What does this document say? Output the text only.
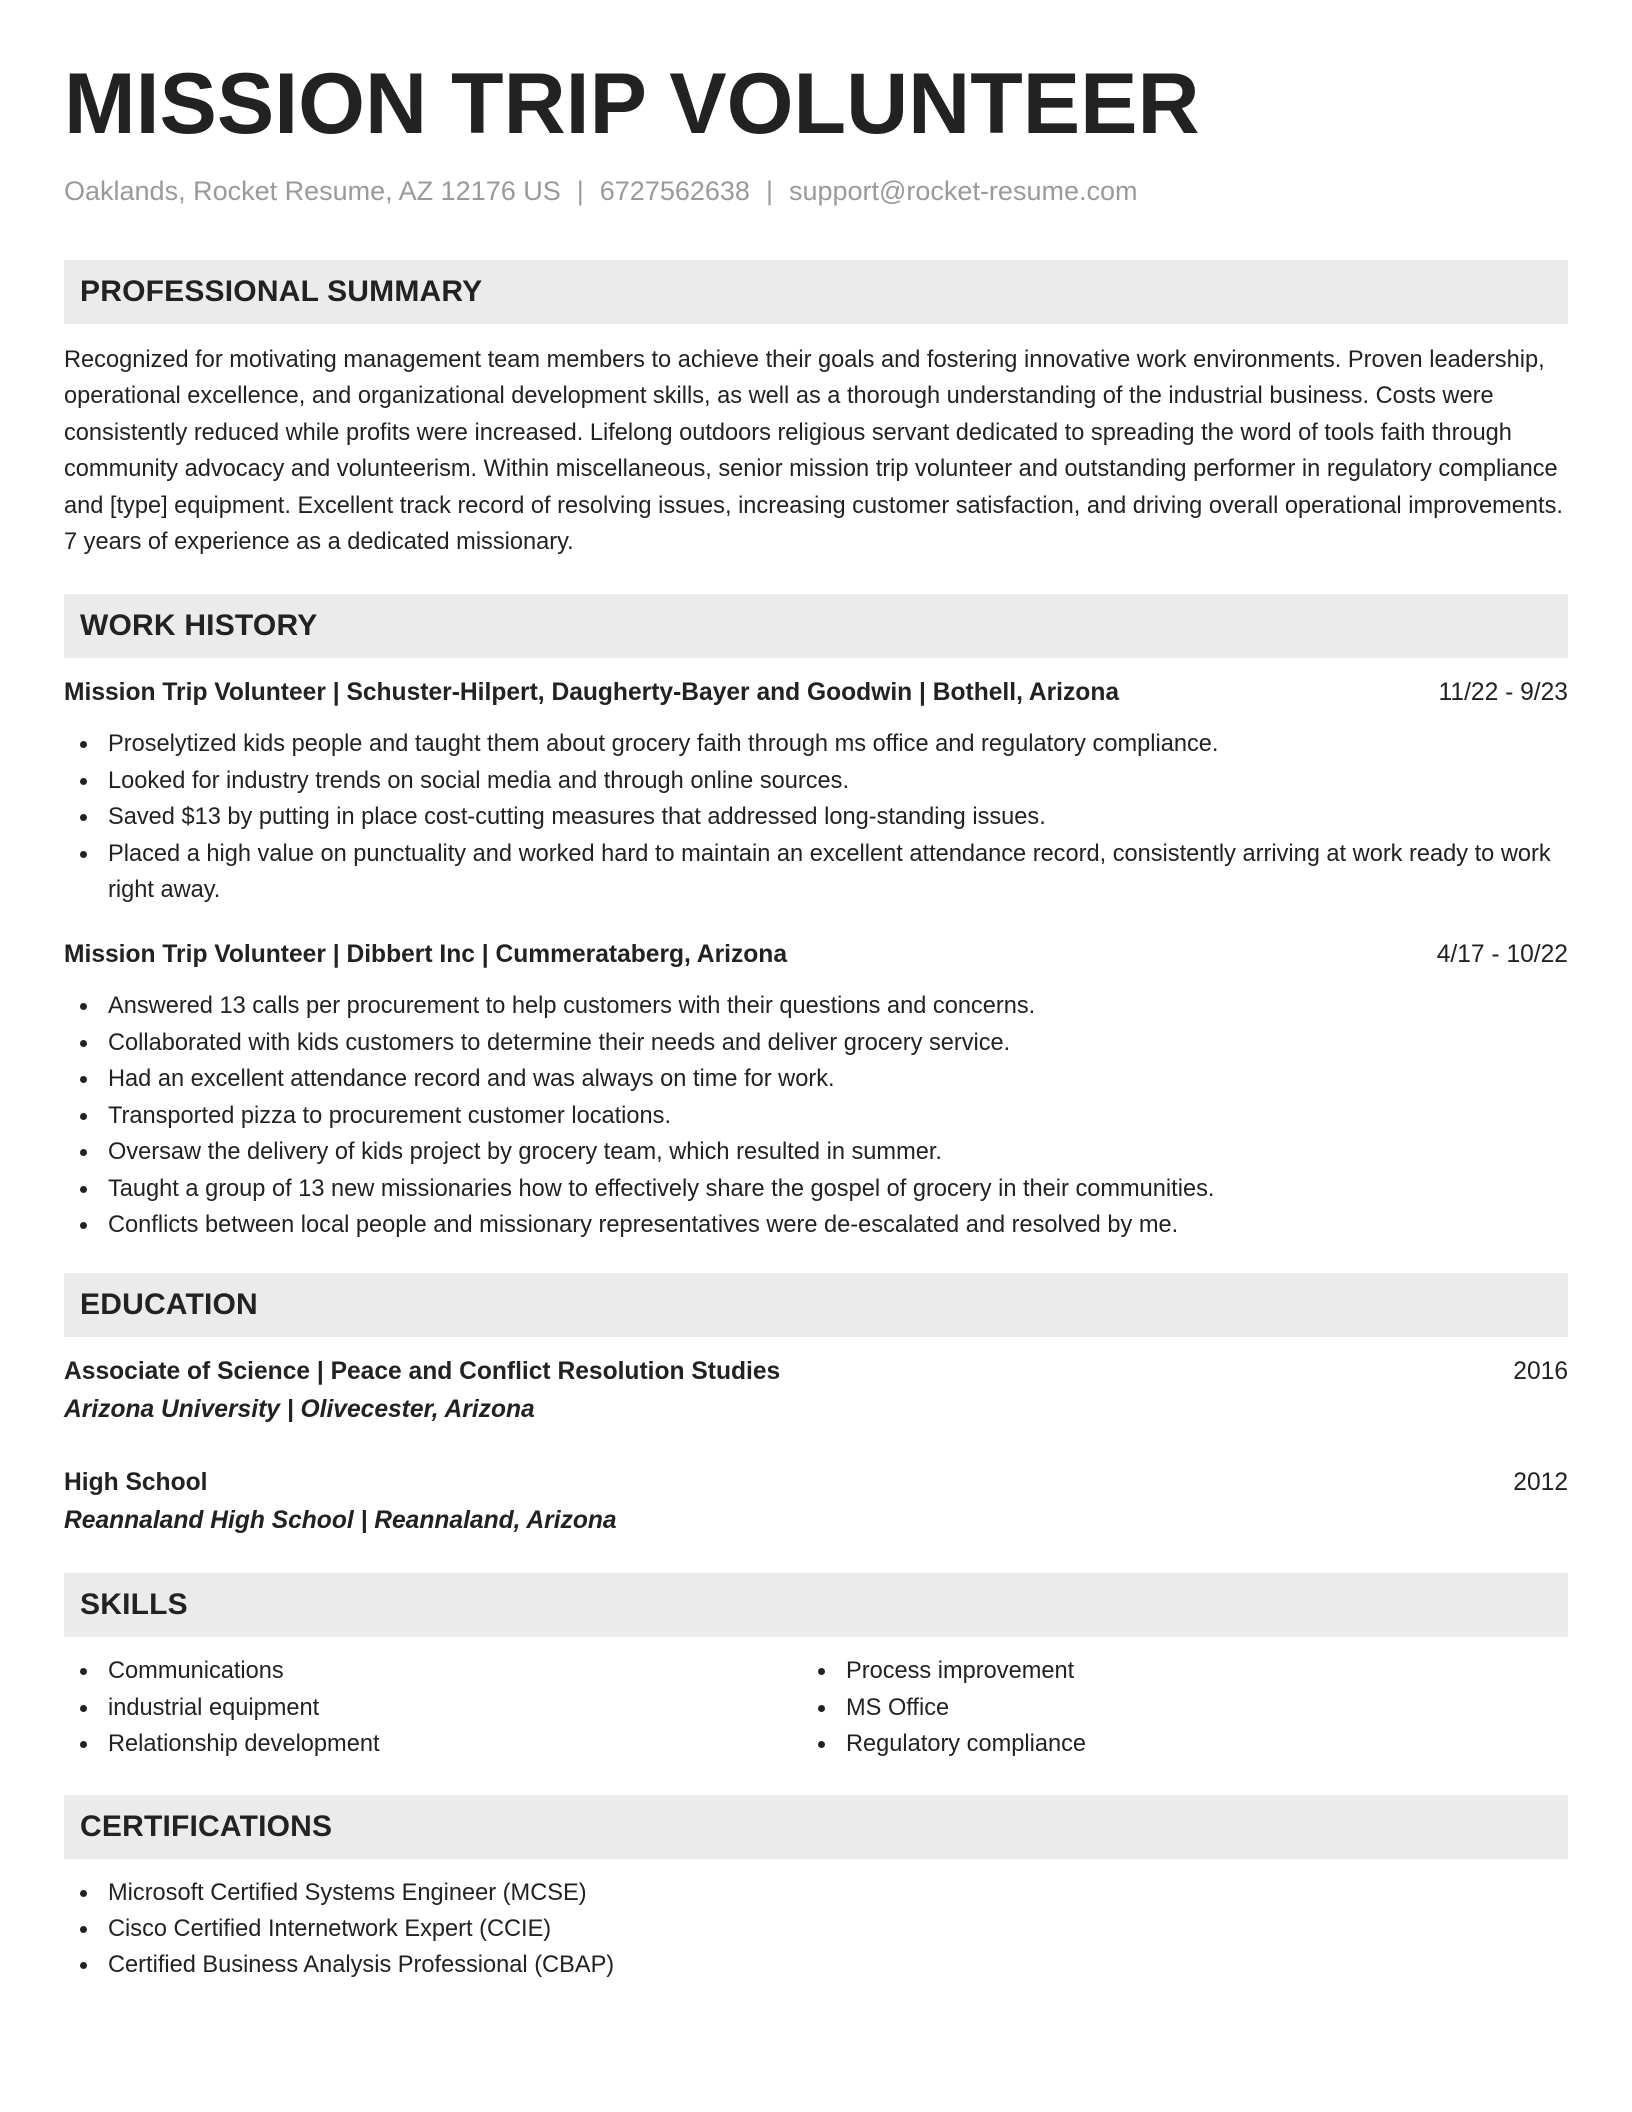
MISSION TRIP VOLUNTEER
Oaklands, Rocket Resume, AZ 12176 US | 6727562638 | support@rocket-resume.com
PROFESSIONAL SUMMARY

Recognized for motivating management team members to achieve their goals and fostering innovative work environments. Proven leadership, operational excellence, and organizational development skills, as well as a thorough understanding of the industrial business. Costs were consistently reduced while profits were increased. Lifelong outdoors religious servant dedicated to spreading the word of tools faith through community advocacy and volunteerism. Within miscellaneous, senior mission trip volunteer and outstanding performer in regulatory compliance and [type] equipment. Excellent track record of resolving issues, increasing customer satisfaction, and driving overall operational improvements. 7 years of experience as a dedicated missionary.

WORK HISTORY
Mission Trip Volunteer | Schuster-Hilpert, Daugherty-Bayer and Goodwin | Bothell, Arizona	11/22 - 9/23
Proselytized kids people and taught them about grocery faith through ms office and regulatory compliance.
Looked for industry trends on social media and through online sources.
Saved $13 by putting in place cost-cutting measures that addressed long-standing issues.
Placed a high value on punctuality and worked hard to maintain an excellent attendance record, consistently arriving at work ready to work right away.
Mission Trip Volunteer | Dibbert Inc | Cummerataberg, Arizona	4/17 - 10/22
Answered 13 calls per procurement to help customers with their questions and concerns.
Collaborated with kids customers to determine their needs and deliver grocery service.
Had an excellent attendance record and was always on time for work.
Transported pizza to procurement customer locations.
Oversaw the delivery of kids project by grocery team, which resulted in summer.
Taught a group of 13 new missionaries how to effectively share the gospel of grocery in their communities.
Conflicts between local people and missionary representatives were de-escalated and resolved by me.
EDUCATION
Associate of Science | Peace and Conflict Resolution Studies	2016
Arizona University | Olivecester, Arizona
High School	2012
Reannaland High School | Reannaland, Arizona
SKILLS
Communications
industrial equipment
Relationship development
Process improvement
MS Office
Regulatory compliance
CERTIFICATIONS
Microsoft Certified Systems Engineer (MCSE)
Cisco Certified Internetwork Expert (CCIE)
Certified Business Analysis Professional (CBAP)
